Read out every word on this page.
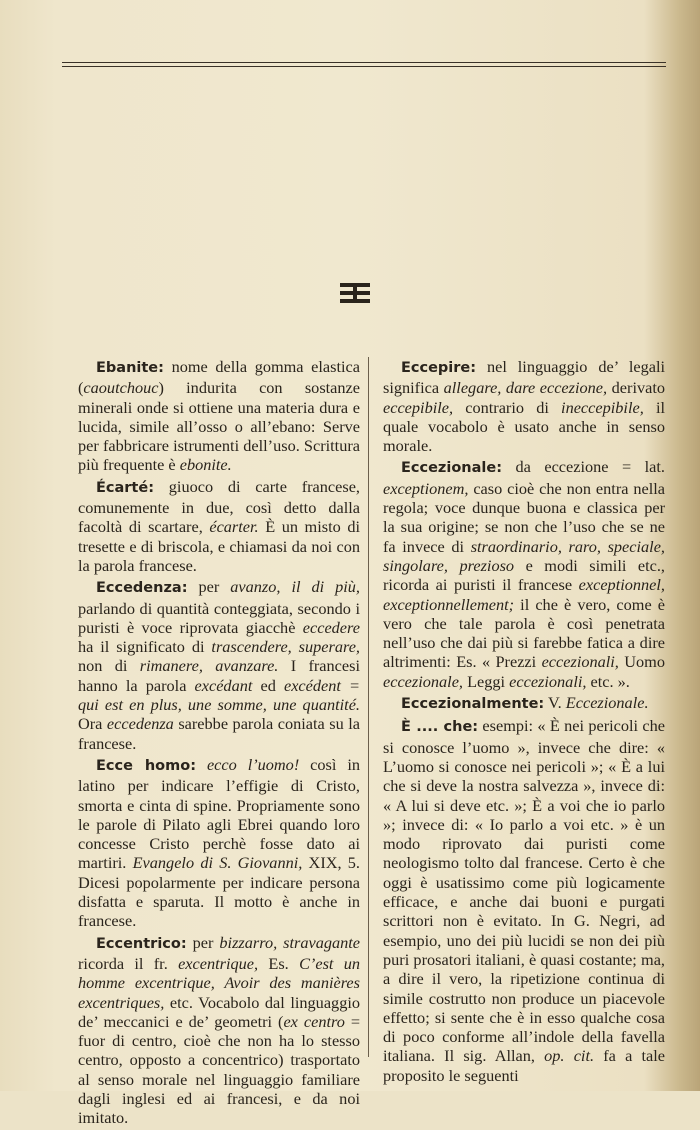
Ebanite: nome della gomma elastica (caoutchouc) indurita con sostanze minerali onde si ottiene una materia dura e lucida, simile all’osso o all’ebano: Serve per fabbricare istrumenti dell’uso. Scrittura più frequente è ebonite.

Écarté: giuoco di carte francese, comunemente in due, così detto dalla facoltà di scartare, écarter. È un misto di tresette e di briscola, e chiamasi da noi con la parola francese.

Eccedenza: per avanzo, il di più, parlando di quantità conteggiata, secondo i puristi è voce riprovata giacchè eccedere ha il significato di trascendere, superare, non di rimanere, avanzare. I francesi hanno la parola excédant ed excédent = qui est en plus, une somme, une quantité. Ora eccedenza sarebbe parola coniata su la francese.

Ecce homo: ecco l’uomo! così in latino per indicare l’effigie di Cristo, smorta e cinta di spine. Propriamente sono le parole di Pilato agli Ebrei quando loro concesse Cristo perchè fosse dato ai martiri. Evangelo di S. Giovanni, XIX, 5. Dicesi popolarmente per indicare persona disfatta e sparuta. Il motto è anche in francese.

Eccentrico: per bizzarro, stravagante ricorda il fr. excentrique, Es. C’est un homme excentrique, Avoir des manières excentriques, etc. Vocabolo dal linguaggio de’ meccanici e de’ geometri (ex centro = fuor di centro, cioè che non ha lo stesso centro, opposto a concentrico) trasportato al senso morale nel linguaggio familiare dagli inglesi ed ai francesi, e da noi imitato.

Eccepire: nel linguaggio de’ legali significa allegare, dare eccezione, derivato eccepibile, contrario di ineccepibile, il quale vocabolo è usato anche in senso morale.

Eccezionale: da eccezione = lat. exceptionem, caso cioè che non entra nella regola; voce dunque buona e classica per la sua origine; se non che l’uso che se ne fa invece di straordinario, raro, speciale, singolare, prezioso e modi simili etc., ricorda ai puristi il francese exceptionnel, exceptionnellement; il che è vero, come è vero che tale parola è così penetrata nell’uso che dai più si farebbe fatica a dire altrimenti: Es. « Prezzi eccezionali, Uomo eccezionale, Leggi eccezionali, etc. ».

Eccezionalmente: V. Eccezionale.

È .... che: esempi: « È nei pericoli che si conosce l’uomo », invece che dire: « L’uomo si conosce nei pericoli »; « È a lui che si deve la nostra salvezza », invece di: « A lui si deve etc. »; È a voi che io parlo »; invece di: « Io parlo a voi etc. » è un modo riprovato dai puristi come neologismo tolto dal francese. Certo è che oggi è usatissimo come più logicamente efficace, e anche dai buoni e purgati scrittori non è evitato. In G. Negri, ad esempio, uno dei più lucidi se non dei più puri prosatori italiani, è quasi costante; ma, a dire il vero, la ripetizione continua di simile costrutto non produce un piacevole effetto; si sente che è in esso qualche cosa di poco conforme all’indole della favella italiana. Il sig. Allan, op. cit. fa a tale proposito le seguenti
